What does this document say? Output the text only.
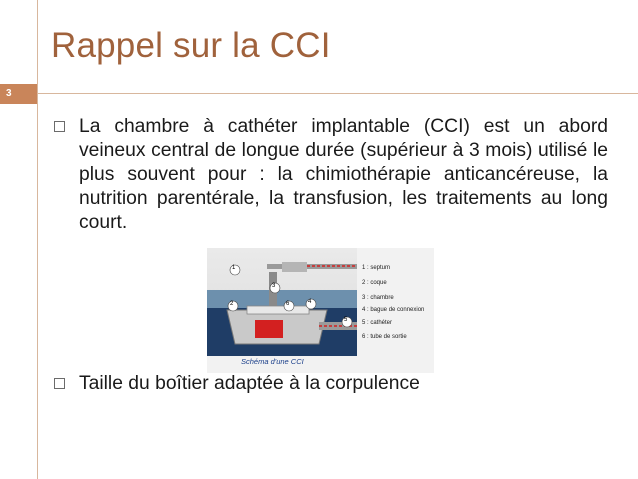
Rappel sur la CCI
3
La chambre à cathéter implantable (CCI) est un abord veineux central de longue durée (supérieur à 3 mois) utilisé le plus souvent pour : la chimiothérapie anticancéreuse, la nutrition parentérale, la transfusion, les traitements au long court.
1
2
3
4
5
6
1 : septum
2 : coque
3 : chambre
4 : bague de connexion
5 : cathéter
6 : tube de sortie
Schéma d'une CCI
Taille du boîtier adaptée à la corpulence
